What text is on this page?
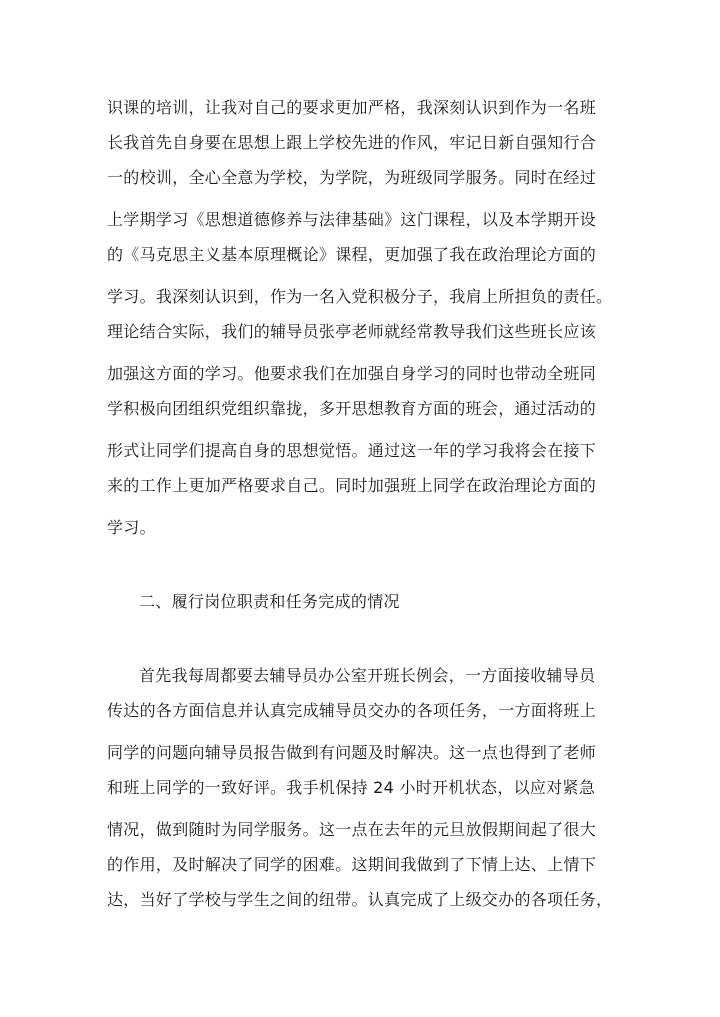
识课的培训，让我对自己的要求更加严格，我深刻认识到作为一名班
长我首先自身要在思想上跟上学校先进的作风，牢记日新自强知行合
一的校训，全心全意为学校，为学院，为班级同学服务。同时在经过
上学期学习《思想道德修养与法律基础》这门课程，以及本学期开设
的《马克思主义基本原理概论》课程，更加强了我在政治理论方面的
学习。我深刻认识到，作为一名入党积极分子，我肩上所担负的责任。
理论结合实际，我们的辅导员张亭老师就经常教导我们这些班长应该
加强这方面的学习。他要求我们在加强自身学习的同时也带动全班同
学积极向团组织党组织靠拢，多开思想教育方面的班会，通过活动的
形式让同学们提高自身的思想觉悟。通过这一年的学习我将会在接下
来的工作上更加严格要求自己。同时加强班上同学在政治理论方面的
学习。
二、履行岗位职责和任务完成的情况
首先我每周都要去辅导员办公室开班长例会，一方面接收辅导员
传达的各方面信息并认真完成辅导员交办的各项任务，一方面将班上
同学的问题向辅导员报告做到有问题及时解决。这一点也得到了老师
和班上同学的一致好评。我手机保持 24 小时开机状态，以应对紧急
情况，做到随时为同学服务。这一点在去年的元旦放假期间起了很大
的作用，及时解决了同学的困难。这期间我做到了下情上达、上情下
达，当好了学校与学生之间的纽带。认真完成了上级交办的各项任务，
